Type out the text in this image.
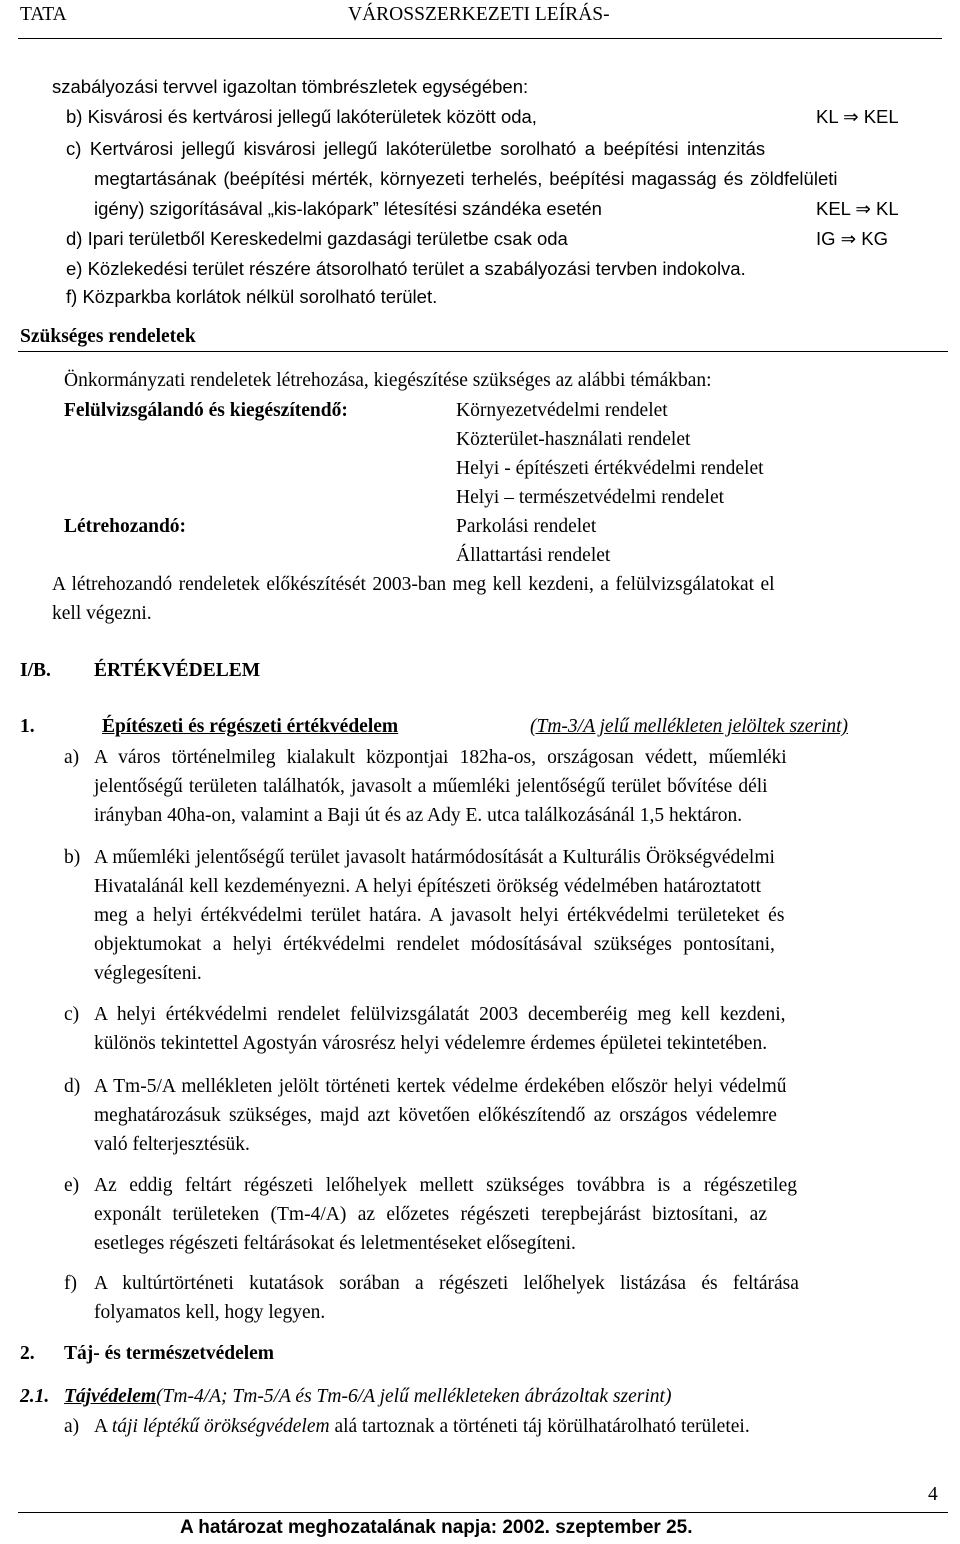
TATA	VÁROSSZERKEZETI LEÍRÁS-
szabályozási tervvel igazoltan tömbrészletek egységében:
b) Kisvárosi és kertvárosi jellegű lakóterületek között oda,	KL ⇒ KEL
c) Kertvárosi jellegű kisvárosi jellegű lakóterületbe sorolható a beépítési intenzitás
megtartásának (beépítési mérték, környezeti terhelés, beépítési magasság és zöldfelületi
igény) szigorításával „kis-lakópark” létesítési szándéka esetén	KEL ⇒ KL
d) Ipari területből Kereskedelmi gazdasági területbe csak oda	IG ⇒ KG
e) Közlekedési terület részére átsorolható terület a szabályozási tervben indokolva.
f) Közparkba korlátok nélkül sorolható terület.
Szükséges rendeletek
Önkormányzati rendeletek létrehozása, kiegészítése szükséges az alábbi témákban:
Felülvizsgálandó és kiegészítendő:	Környezetvédelmi rendelet
Közterület-használati rendelet
Helyi - építészeti értékvédelmi rendelet
Helyi – természetvédelmi rendelet
Létrehozandó:	Parkolási rendelet
Állattartási rendelet
A létrehozandó rendeletek előkészítését 2003-ban meg kell kezdeni, a felülvizsgálatokat el
kell végezni.
I/B. ÉRTÉKVÉDELEM
1.	Építészeti és régészeti értékvédelem	(Tm-3/A jelű mellékleten jelöltek szerint)
a) A város történelmileg kialakult központjai 182ha-os, országosan védett, műemléki
jelentőségű területen találhatók, javasolt a műemléki jelentőségű terület bővítése déli
irányban 40ha-on, valamint a Baji út és az Ady E. utca találkozásánál 1,5 hektáron.
b) A műemléki jelentőségű terület javasolt határmódosítását a Kulturális Örökségvédelmi
Hivatalánál kell kezdeményezni. A helyi építészeti örökség védelmében határoztatott
meg a helyi értékvédelmi terület határa. A javasolt helyi értékvédelmi területeket és
objektumokat a helyi értékvédelmi rendelet módosításával szükséges pontosítani,
véglegesíteni.
c) A helyi értékvédelmi rendelet felülvizsgálatát 2003 decemberéig meg kell kezdeni,
különös tekintettel Agostyán városrész helyi védelemre érdemes épületei tekintetében.
d) A Tm-5/A mellékleten jelölt történeti kertek védelme érdekében először helyi védelmű
meghatározásuk szükséges, majd azt követően előkészítendő az országos védelemre
való felterjesztésük.
e) Az eddig feltárt régészeti lelőhelyek mellett szükséges továbbra is a régészetileg
exponált területeken (Tm-4/A) az előzetes régészeti terepbejárást biztosítani, az
esetleges régészeti feltárásokat és leletmentéseket elősegíteni.
f) A kultúrtörténeti kutatások sorában a régészeti lelőhelyek listázása és feltárása
folyamatos kell, hogy legyen.
2. Táj- és természetvédelem
2.1. Tájvédelem(Tm-4/A; Tm-5/A és Tm-6/A jelű mellékleteken ábrázoltak szerint)
a) A táji léptékű örökségvédelem alá tartoznak a történeti táj körülhatárolható területei.
4
A határozat meghozatalának napja: 2002. szeptember 25.
